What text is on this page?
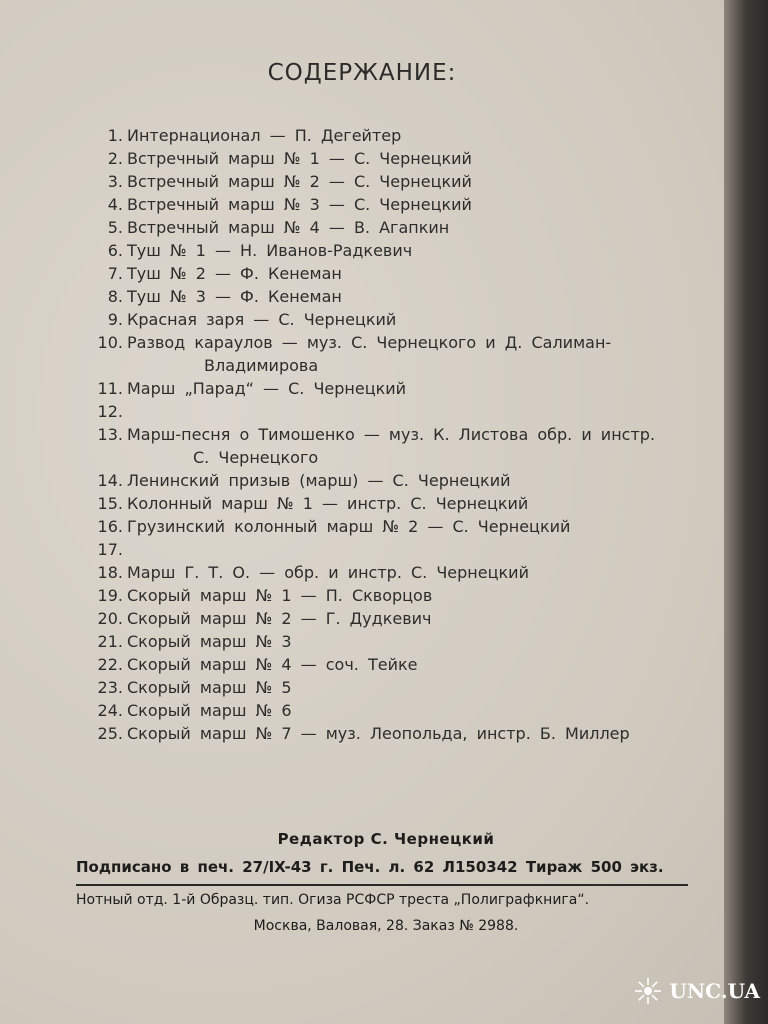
СОДЕРЖАНИЕ:
1. Интернационал — П. Дегейтер
2. Встречный марш № 1 — С. Чернецкий
3. Встречный марш № 2 — С. Чернецкий
4. Встречный марш № 3 — С. Чернецкий
5. Встречный марш № 4 — В. Агапкин
6. Туш № 1 — Н. Иванов-Радкевич
7. Туш № 2 — Ф. Кенеман
8. Туш № 3 — Ф. Кенеман
9. Красная заря — С. Чернецкий
10. Развод караулов — муз. С. Чернецкого и Д. Салиман-
Владимирова
11. Марш „Парад“ — С. Чернецкий
12.
13. Марш-песня о Тимошенко — муз. К. Листова обр. и инстр.
С. Чернецкого
14. Ленинский призыв (марш) — С. Чернецкий
15. Колонный марш № 1 — инстр. С. Чернецкий
16. Грузинский колонный марш № 2 — С. Чернецкий
17.
18. Марш Г. Т. О. — обр. и инстр. С. Чернецкий
19. Скорый марш № 1 — П. Скворцов
20. Скорый марш № 2 — Г. Дудкевич
21. Скорый марш № 3
22. Скорый марш № 4 — соч. Тейке
23. Скорый марш № 5
24. Скорый марш № 6
25. Скорый марш № 7 — муз. Леопольда, инстр. Б. Миллер
Редактор С. Чернецкий
Подписано в печ. 27/IX-43 г. Печ. л. 62 Л150342 Тираж 500 экз.
Нотный отд. 1-й Образц. тип. Огиза РСФСР треста „Полиграфкнига“.
Москва, Валовая, 28. Заказ № 2988.
UNC.UA
